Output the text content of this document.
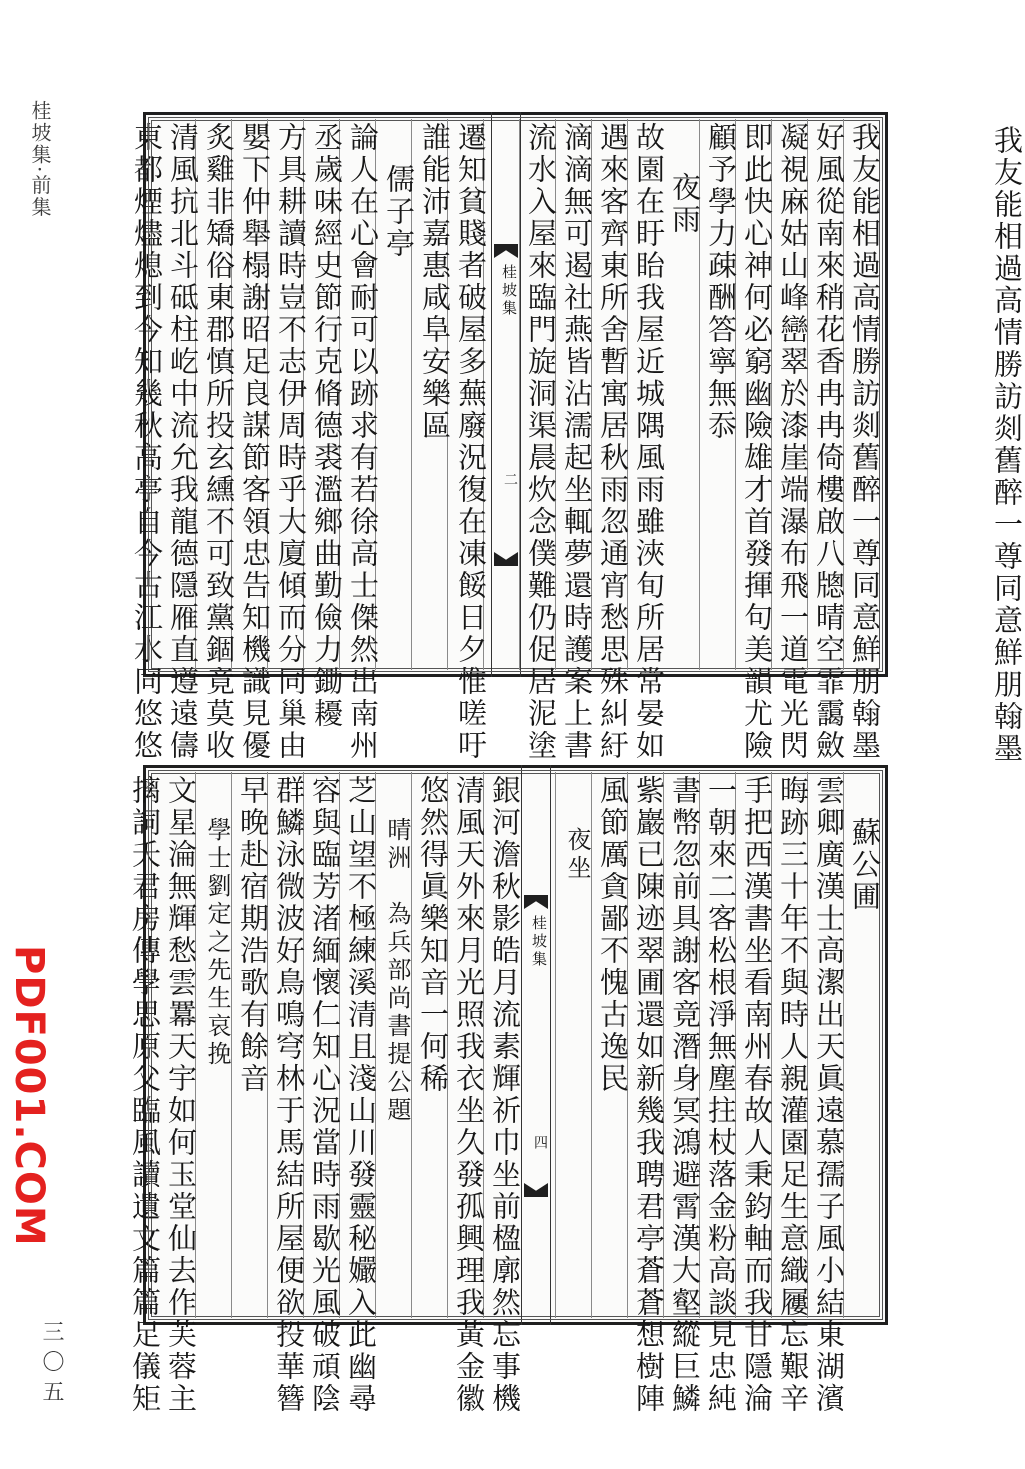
桂坡集·前集
PDF001.COM
三〇五
我友能相過高情勝訪剡舊醉一尊同意鮮朋翰墨
我友能相過高情勝訪剡舊醉一尊同意鮮朋翰墨
好風從南來稍花香冉冉倚樓啟八牕晴空霏靄斂
凝視麻姑山峰巒翠於漆崖端瀑布飛一道電光閃
即此快心神何必窮幽險雄才首發揮句美韻尤險
顧予學力疎酬答寧無忝
夜雨
故園在盱眙我屋近城隅風雨雖浹旬所居常晏如
遇來客齊東所舍暫寓居秋雨忽通宵愁思殊糾紆
滴滴無可遏社燕皆沾濡起坐輒夢還時護案上書
流水入屋來臨門旋洞渠晨炊念僕難仍促居泥塗
桂坡集
二
遷知貧賤者破屋多蕪廢況復在凍餒日夕惟嗟吁
誰能沛嘉惠咸阜安樂區
儒子亭
論人在心會耐可以跡求有若徐高士傑然出南州
丞歲味經史節行克脩德裘濫鄉曲勤儉力鋤耰
方具耕讀時豈不志伊周時乎大廈傾而分同巢由
嬰下仲舉榻謝昭足良謀節客領忠告知機識見優
炙雞非矯俗東郡慎所投玄纁不可致黨錮竟莫收
清風抗北斗砥柱屹中流允我龍德隱雁直遵遠儔
東都煙燼熄到今知幾秋高亭自今古江水同悠悠
蘇公圃
雲卿廣漢士高潔出天眞遠慕孺子風小結東湖濱
晦跡三十年不與時人親灌園足生意織屨忘艱辛
手把西漢書坐看南州春故人秉鈞軸而我甘隱淪
一朝來二客松根淨無塵拄杖落金粉高談見忠純
書幣忽前具謝客竟潛身冥鴻避霄漢大壑縱巨鱗
紫巖已陳迹翠圃還如新幾我聘君亭蒼蒼想樹陣
風節厲貪鄙不愧古逸民
夜坐
桂坡集
四
銀河澹秋影皓月流素輝祈巾坐前楹廓然忘事機
清風天外來月光照我衣坐久發孤興理我黃金徽
悠然得眞樂知音一何稀
晴洲　為兵部尚書提公題
芝山望不極練溪清且淺山川發靈秘孍入此幽尋
容與臨芳渚緬懷仁知心況當時雨歇光風破頑陰
群鱗泳微波好鳥鳴穹林于馬結所屋便欲投華簪
早晚赴宿期浩歌有餘音
學士劉定之先生哀挽
文星淪無輝愁雲羃天宇如何玉堂仙去作芙蓉主
摛詞夭君房傳學思原父臨風讀遺文篇篇足儀矩
